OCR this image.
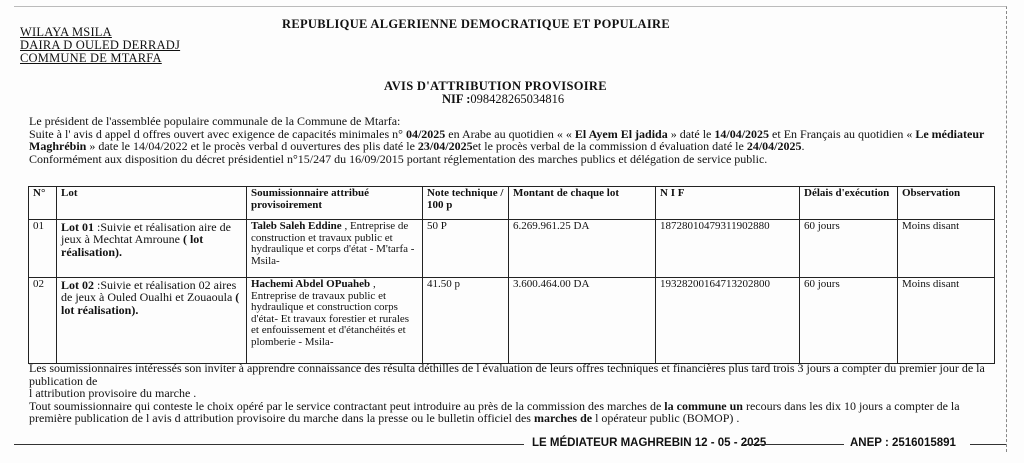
WILAYA MSILA
DAIRA D OULED DERRADJ
COMMUNE DE MTARFA
REPUBLIQUE ALGERIENNE DEMOCRATIQUE ET POPULAIRE
AVIS D'ATTRIBUTION PROVISOIRE
NIF :098428265034816

Le président de l'assemblée populaire communale de la Commune de Mtarfa:

Suite à l' avis d appel d offres ouvert avec exigence de capacités minimales n° 04/2025 en Arabe au quotidien « « El Ayem El jadida » daté le 14/04/2025 et En Français au quotidien « Le médiateur Maghrébin » date le 14/04/2022 et le procès verbal d ouvertures des plis daté le 23/04/2025et le procès verbal de la commission d évaluation daté le 24/04/2025.

Conformément aux disposition du décret présidentiel n°15/247 du 16/09/2015 portant réglementation des marches publics et délégation de service public.

N°	Lot	Soumissionnaire attribué provisoirement	Note technique / 100 p	Montant de chaque lot	N I F	Délais d'exécution	Observation
01	Lot 01 :Suivie et réalisation aire de jeux à Mechtat Amroune ( lot réalisation).	Taleb Saleh Eddine , Entreprise de construction et travaux public et hydraulique et corps d'état - M'tarfa -Msila-	50 P	6.269.961.25 DA	187280104793119028​80	60 jours	Moins disant
02	Lot 02 :Suivie et réalisation 02 aires de jeux à Ouled Oualhi et Zouaoula ( lot réalisation).	Hachemi Abdel OPuaheb , Entreprise de travaux public et hydraulique et construction corps d'état- Et travaux forestier et rurales et enfouissement et d'étanchéités et plomberie - Msila-	41.50 p	3.600.464.00 DA	193282001647132028​00	60 jours	Moins disant

Les soumissionnaires intéressés son inviter à apprendre connaissance des résulta déthilles de l évaluation de leurs offres techniques et financières plus tard trois 3 jours a compter du premier jour de la publication de

l attribution provisoire du marche .

Tout soumissionnaire qui conteste le choix opéré par le service contractant peut introduire au près de la commission des marches de la commune un recours dans les dix 10 jours a compter de la première publication de l avis d attribution provisoire du marche dans la presse ou le bulletin officiel des marches de l opérateur public (BOMOP) .

LE MÉDIATEUR MAGHREBIN 12 - 05 - 2025	ANEP : 2516015891
